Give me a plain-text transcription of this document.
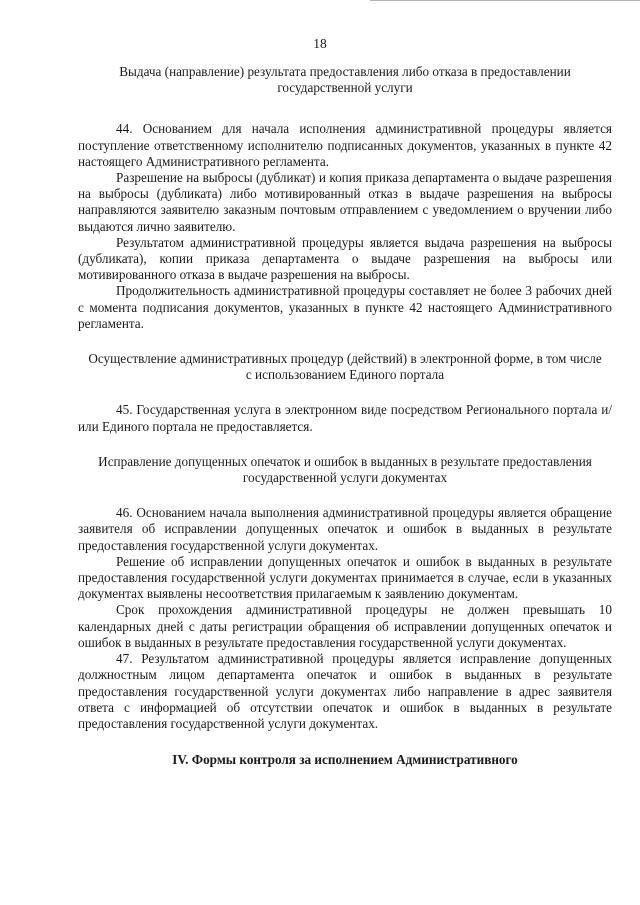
18
Выдача (направление) результата предоставления либо отказа в предоставлении государственной услуги

44. Основанием для начала исполнения административной процедуры является поступление ответственному исполнителю подписанных документов, указанных в пункте 42 настоящего Административного регламента.

Разрешение на выбросы (дубликат) и копия приказа департамента о выдаче разрешения на выбросы (дубликата) либо мотивированный отказ в выдаче разрешения на выбросы направляются заявителю заказным почтовым отправлением с уведомлением о вручении либо выдаются лично заявителю.

Результатом административной процедуры является выдача разрешения на выбросы (дубликата), копии приказа департамента о выдаче разрешения на выбросы или мотивированного отказа в выдаче разрешения на выбросы.

Продолжительность административной процедуры составляет не более 3 рабочих дней с момента подписания документов, указанных в пункте 42 настоящего Административного регламента.

Осуществление административных процедур (действий) в электронной форме, в том числе с использованием Единого портала

45. Государственная услуга в электронном виде посредством Регионального портала и/или Единого портала не предоставляется.

Исправление допущенных опечаток и ошибок в выданных в результате предоставления государственной услуги документах

46. Основанием начала выполнения административной процедуры является обращение заявителя об исправлении допущенных опечаток и ошибок в выданных в результате предоставления государственной услуги документах.

Решение об исправлении допущенных опечаток и ошибок в выданных в результате предоставления государственной услуги документах принимается в случае, если в указанных документах выявлены несоответствия прилагаемым к заявлению документам.

Срок прохождения административной процедуры не должен превышать 10 календарных дней с даты регистрации обращения об исправлении допущенных опечаток и ошибок в выданных в результате предоставления государственной услуги документах.

47. Результатом административной процедуры является исправление допущенных должностным лицом департамента опечаток и ошибок в выданных в результате предоставления государственной услуги документах либо направление в адрес заявителя ответа с информацией об отсутствии опечаток и ошибок в выданных в результате предоставления государственной услуги документах.

IV. Формы контроля за исполнением Административного
